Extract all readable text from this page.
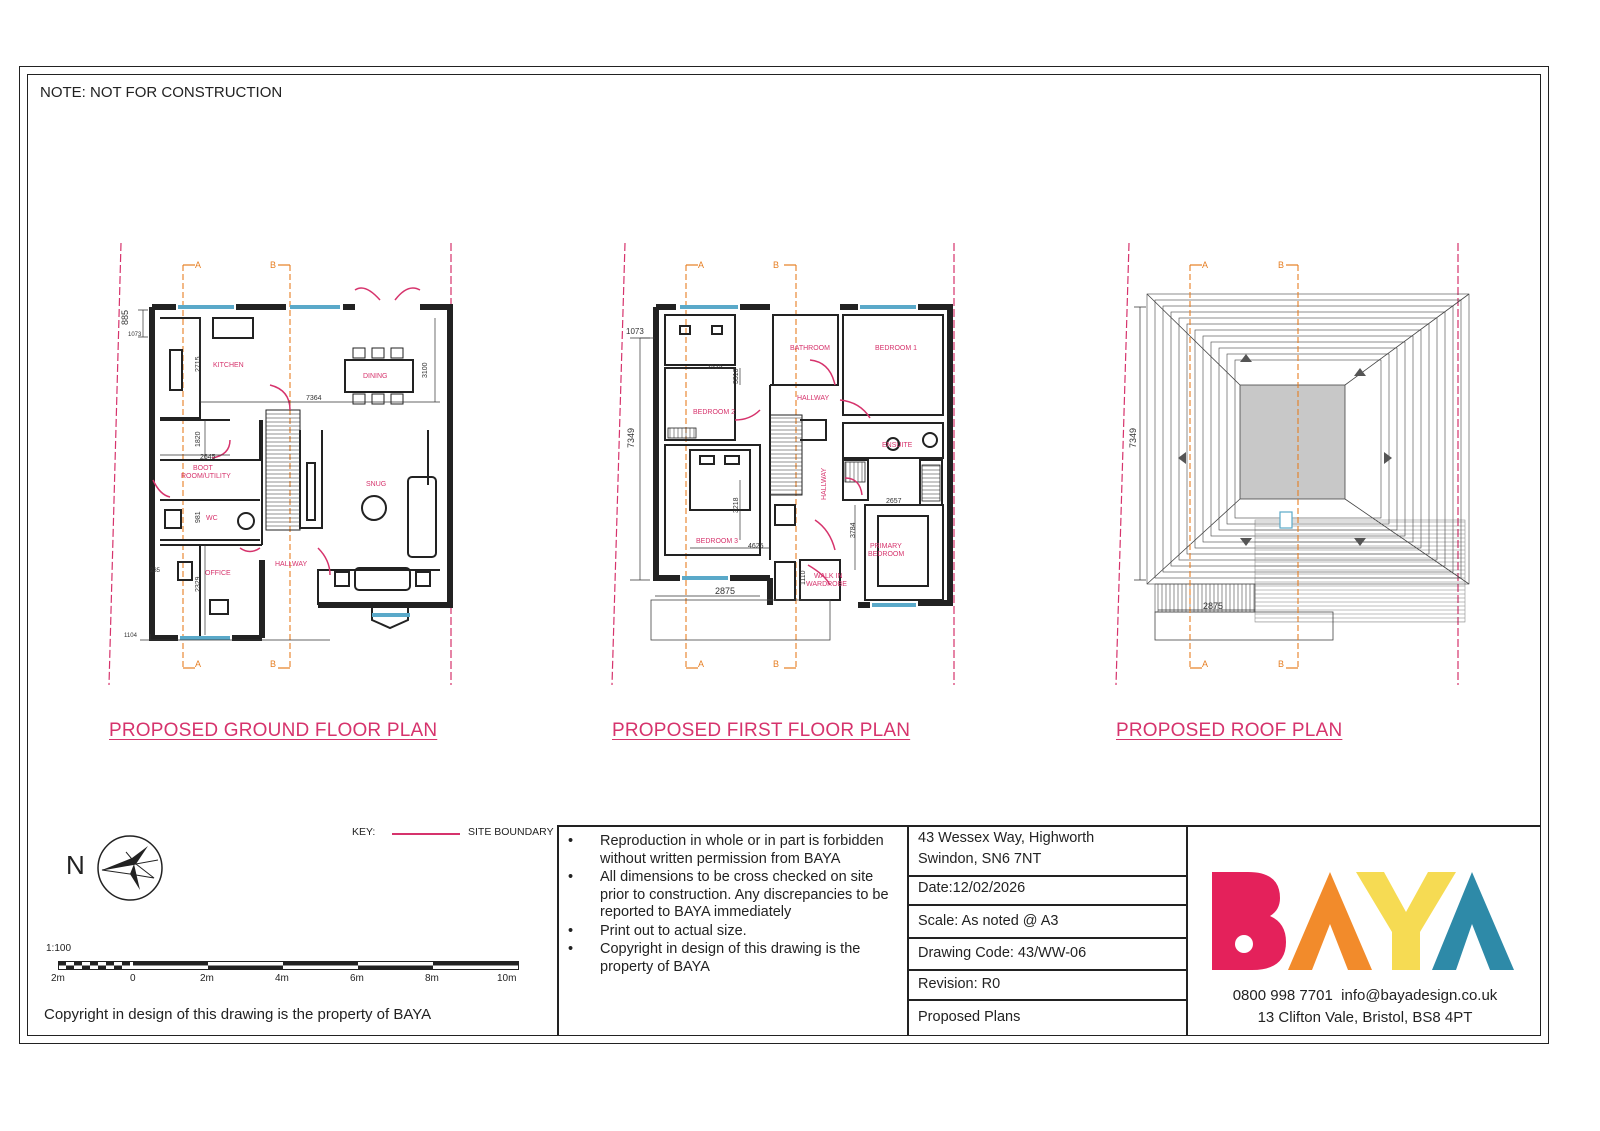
NOTE: NOT FOR CONSTRUCTION
885
1073
2715
7364
3100
1820
2645
981
2329
235
1104
KITCHEN
DINING
BOOT
ROOM/UTILITY
WC
SNUG
OFFICE
HALLWAY
A	B
A	B
1073
7349
2525
3310
3218
4625
2657
3784
1110
2875
BATHROOM	BEDROOM 1
BEDROOM 2
HALLWAY
ENSUITE
HALLWAY
BEDROOM 3
PRIMARY
BEDROOM
WALK IN
WARDROBE
A	B
A	B
7349
2875
A	B
A	B
PROPOSED GROUND FLOOR PLAN	PROPOSED FIRST FLOOR PLAN	PROPOSED ROOF PLAN
KEY:	SITE BOUNDARY
N
1:100
2m	0	2m	4m	6m	8m	10m
Copyright in design of this drawing is the property of BAYA
• Reproduction in whole or in part is forbidden without written permission from BAYA
• All dimensions to be cross checked on site prior to construction. Any discrepancies to be reported to BAYA immediately
• Print out to actual size.
• Copyright in design of this drawing is the property of BAYA
43 Wessex Way, Highworth
Swindon, SN6 7NT
Date:12/02/2026
Scale: As noted @ A3
Drawing Code: 43/WW-06
Revision: R0
Proposed Plans
0800 998 7701 info@bayadesign.co.uk
13 Clifton Vale, Bristol, BS8 4PT
